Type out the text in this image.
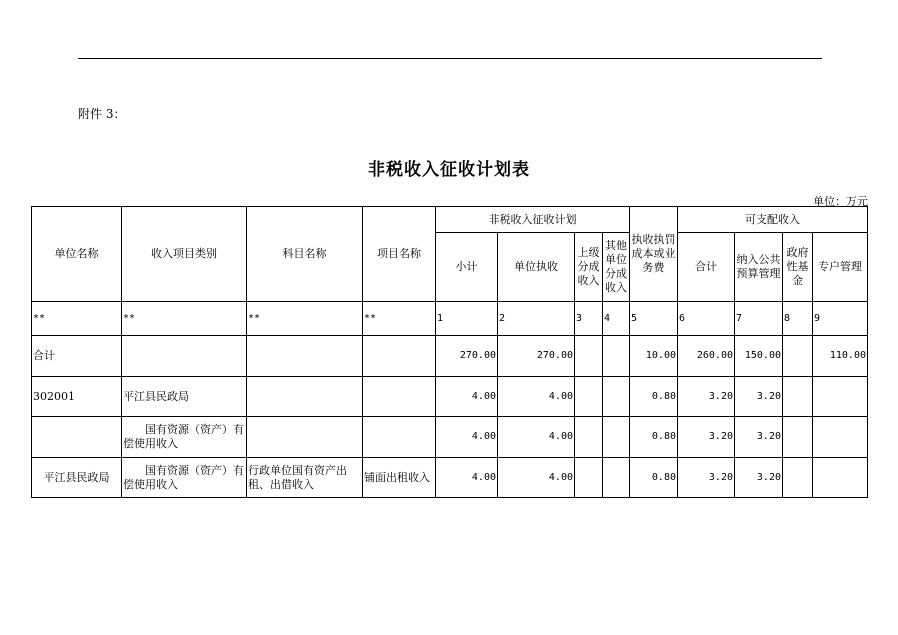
附件 3：
非税收入征收计划表
单位：万元
单位名称	收入项目类别	科目名称	项目名称	非税收入征收计划				执收执罚成本或业务费	可支配收入			
				小计	单位执收	上级分成收入	其他单位分成收入		合计	纳入公共预算管理	政府性基金	专户管理
**	**	**	**	1	2	3	4	5	6	7	8	9
合计				270.00	270.00			10.00	260.00	150.00		110.00
302001	平江县民政局			4.00	4.00			0.80	3.20	3.20		
	国有资源（资产）有偿使用收入			4.00	4.00			0.80	3.20	3.20		
平江县民政局	国有资源（资产）有偿使用收入	行政单位国有资产出租、出借收入	铺面出租收入	4.00	4.00			0.80	3.20	3.20		
